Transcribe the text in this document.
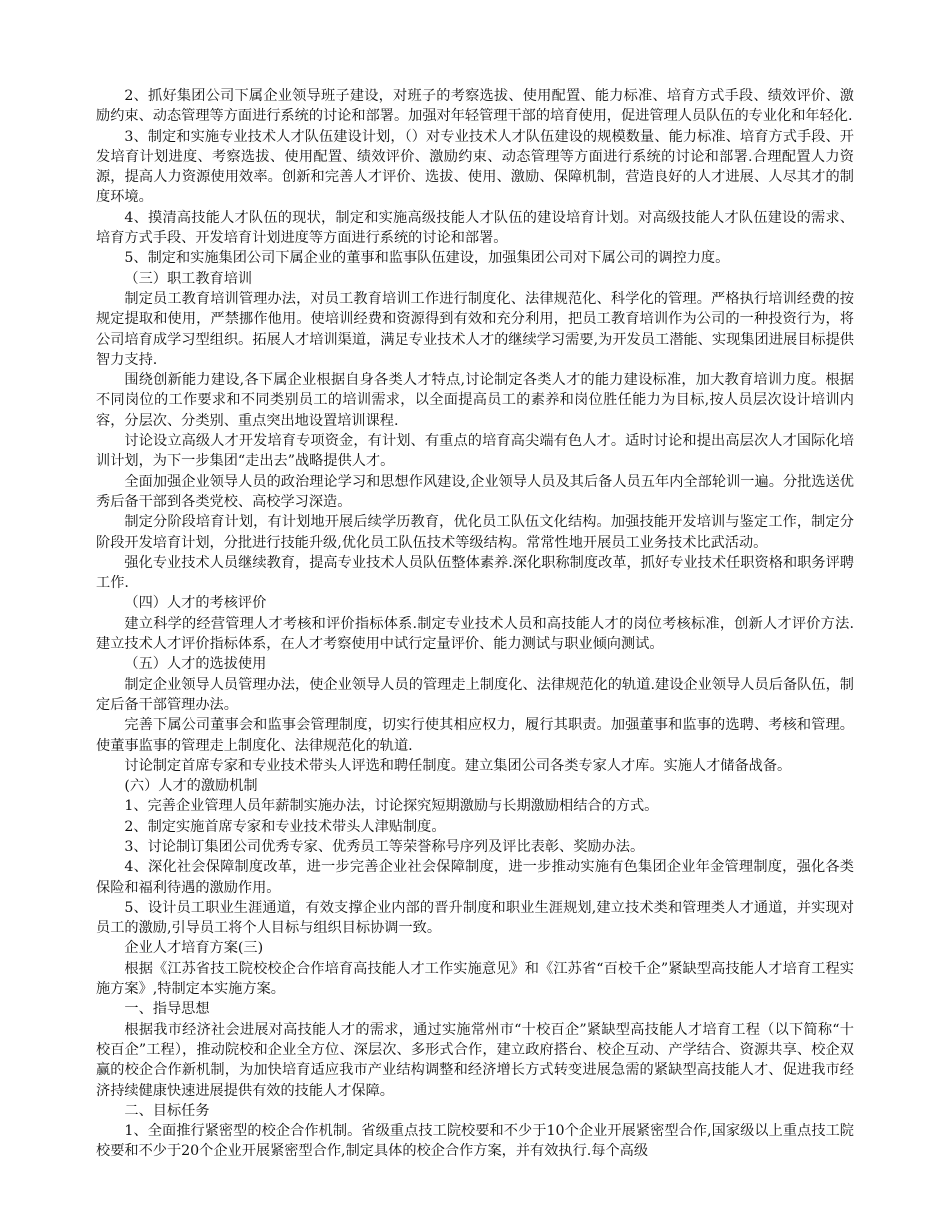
2、抓好集团公司下属企业领导班子建设，对班子的考察选拔、使用配置、能力标准、培育方式手段、绩效评价、激励约束、动态管理等方面进行系统的讨论和部署。加强对年轻管理干部的培育使用，促进管理人员队伍的专业化和年轻化.

3、制定和实施专业技术人才队伍建设计划，（）对专业技术人才队伍建设的规模数量、能力标准、培育方式手段、开发培育计划进度、考察选拔、使用配置、绩效评价、激励约束、动态管理等方面进行系统的讨论和部署.合理配置人力资源，提高人力资源使用效率。创新和完善人才评价、选拔、使用、激励、保障机制，营造良好的人才进展、人尽其才的制度环境。

4、摸清高技能人才队伍的现状，制定和实施高级技能人才队伍的建设培育计划。对高级技能人才队伍建设的需求、培育方式手段、开发培育计划进度等方面进行系统的讨论和部署。

5、制定和实施集团公司下属企业的董事和监事队伍建设，加强集团公司对下属公司的调控力度。

（三）职工教育培训

制定员工教育培训管理办法，对员工教育培训工作进行制度化、法律规范化、科学化的管理。严格执行培训经费的按规定提取和使用，严禁挪作他用。使培训经费和资源得到有效和充分利用，把员工教育培训作为公司的一种投资行为，将公司培育成学习型组织。拓展人才培训渠道，满足专业技术人才的继续学习需要,为开发员工潜能、实现集团进展目标提供智力支持.

围绕创新能力建设,各下属企业根据自身各类人才特点,讨论制定各类人才的能力建设标准，加大教育培训力度。根据不同岗位的工作要求和不同类别员工的培训需求，以全面提高员工的素养和岗位胜任能力为目标,按人员层次设计培训内容，分层次、分类别、重点突出地设置培训课程.

讨论设立高级人才开发培育专项资金，有计划、有重点的培育高尖端有色人才。适时讨论和提出高层次人才国际化培训计划，为下一步集团“走出去”战略提供人才。

全面加强企业领导人员的政治理论学习和思想作风建设,企业领导人员及其后备人员五年内全部轮训一遍。分批选送优秀后备干部到各类党校、高校学习深造。

制定分阶段培育计划，有计划地开展后续学历教育，优化员工队伍文化结构。加强技能开发培训与鉴定工作，制定分阶段开发培育计划，分批进行技能升级,优化员工队伍技术等级结构。常常性地开展员工业务技术比武活动。

强化专业技术人员继续教育，提高专业技术人员队伍整体素养.深化职称制度改革，抓好专业技术任职资格和职务评聘工作.

（四）人才的考核评价

建立科学的经营管理人才考核和评价指标体系.制定专业技术人员和高技能人才的岗位考核标准，创新人才评价方法.建立技术人才评价指标体系，在人才考察使用中试行定量评价、能力测试与职业倾向测试。

（五）人才的选拔使用

制定企业领导人员管理办法，使企业领导人员的管理走上制度化、法律规范化的轨道.建设企业领导人员后备队伍，制定后备干部管理办法。

完善下属公司董事会和监事会管理制度，切实行使其相应权力，履行其职责。加强董事和监事的选聘、考核和管理。使董事监事的管理走上制度化、法律规范化的轨道.

讨论制定首席专家和专业技术带头人评选和聘任制度。建立集团公司各类专家人才库。实施人才储备战备。

(六）人才的激励机制

1、完善企业管理人员年薪制实施办法，讨论探究短期激励与长期激励相结合的方式。

2、制定实施首席专家和专业技术带头人津贴制度。

3、讨论制订集团公司优秀专家、优秀员工等荣誉称号序列及评比表彰、奖励办法。

4、深化社会保障制度改革，进一步完善企业社会保障制度，进一步推动实施有色集团企业年金管理制度，强化各类保险和福利待遇的激励作用。

5、设计员工职业生涯通道，有效支撑企业内部的晋升制度和职业生涯规划,建立技术类和管理类人才通道，并实现对员工的激励,引导员工将个人目标与组织目标协调一致。

企业人才培育方案(三)

根据《江苏省技工院校校企合作培育高技能人才工作实施意见》和《江苏省“百校千企”紧缺型高技能人才培育工程实施方案》,特制定本实施方案。

一、指导思想

根据我市经济社会进展对高技能人才的需求，通过实施常州市“十校百企”紧缺型高技能人才培育工程（以下简称“十校百企”工程），推动院校和企业全方位、深层次、多形式合作，建立政府搭台、校企互动、产学结合、资源共享、校企双赢的校企合作新机制，为加快培育适应我市产业结构调整和经济增长方式转变进展急需的紧缺型高技能人才、促进我市经济持续健康快速进展提供有效的技能人才保障。

二、目标任务

1、全面推行紧密型的校企合作机制。省级重点技工院校要和不少于10个企业开展紧密型合作,国家级以上重点技工院校要和不少于20个企业开展紧密型合作,制定具体的校企合作方案，并有效执行.每个高级
